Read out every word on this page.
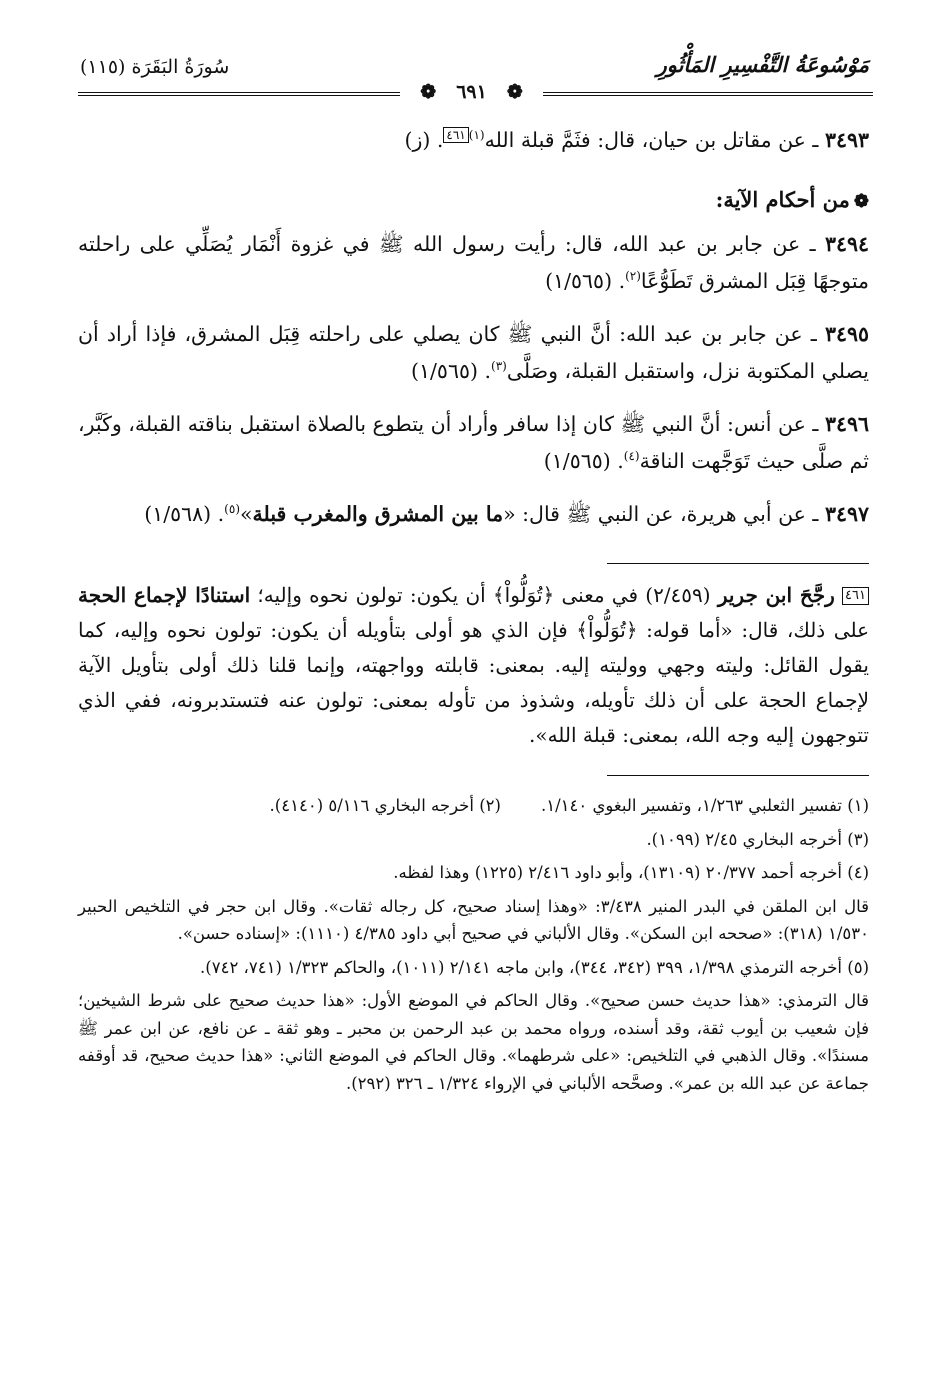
مَوْسُوعَةُ التَّفْسِيرِ المَأْثُورِ
سُورَةُ البَقَرَة (١١٥)
❁٦٩١❁

٣٤٩٣ ـ عن مقاتل بن حيان، قال: فثَمَّ قبلة الله$^{(١)}$٤٦١. (ز)

❁من أحكام الآية:

٣٤٩٤ ـ عن جابر بن عبد الله، قال: رأيت رسول الله ﷺ في غزوة أَنْمَار يُصَلِّي على راحلته متوجهًا قِبَل المشرق تَطَوُّعًا$^{(٢)}$. (١/٥٦٥)

٣٤٩٥ ـ عن جابر بن عبد الله: أنَّ النبي ﷺ كان يصلي على راحلته قِبَل المشرق، فإذا أراد أن يصلي المكتوبة نزل، واستقبل القبلة، وصَلَّى$^{(٣)}$. (١/٥٦٥)

٣٤٩٦ ـ عن أنس: أنَّ النبي ﷺ كان إذا سافر وأراد أن يتطوع بالصلاة استقبل بناقته القبلة، وكَبَّر، ثم صلَّى حيث تَوَجَّهت الناقة$^{(٤)}$. (١/٥٦٥)

٣٤٩٧ ـ عن أبي هريرة، عن النبي ﷺ قال: «ما بين المشرق والمغرب قبلة»$^{(٥)}$. (١/٥٦٨)

٤٦١ رجَّحَ ابن جرير (٢/٤٥٩) في معنى ﴿تُوَلُّواْ﴾ أن يكون: تولون نحوه وإليه؛ استنادًا لإجماع الحجة على ذلك، قال: «أما قوله: ﴿تُوَلُّواْ﴾ فإن الذي هو أولى بتأويله أن يكون: تولون نحوه وإليه، كما يقول القائل: وليته وجهي ووليته إليه. بمعنى: قابلته وواجهته، وإنما قلنا ذلك أولى بتأويل الآية لإجماع الحجة على أن ذلك تأويله، وشذوذ من تأوله بمعنى: تولون عنه فتستدبرونه، ففي الذي تتوجهون إليه وجه الله، بمعنى: قبلة الله».

(١) تفسير الثعلبي ١/٢٦٣، وتفسير البغوي ١/١٤٠.
(٢) أخرجه البخاري ٥/١١٦ (٤١٤٠).

(٣) أخرجه البخاري ٢/٤٥ (١٠٩٩).

(٤) أخرجه أحمد ٢٠/٣٧٧ (١٣١٠٩)، وأبو داود ٢/٤١٦ (١٢٢٥) وهذا لفظه.

قال ابن الملقن في البدر المنير ٣/٤٣٨: «وهذا إسناد صحيح، كل رجاله ثقات». وقال ابن حجر في التلخيص الحبير ١/٥٣٠ (٣١٨): «صححه ابن السكن». وقال الألباني في صحيح أبي داود ٤/٣٨٥ (١١١٠): «إسناده حسن».

(٥) أخرجه الترمذي ١/٣٩٨، ٣٩٩ (٣٤٢، ٣٤٤)، وابن ماجه ٢/١٤١ (١٠١١)، والحاكم ١/٣٢٣ (٧٤١، ٧٤٢).

قال الترمذي: «هذا حديث حسن صحيح». وقال الحاكم في الموضع الأول: «هذا حديث صحيح على شرط الشيخين؛ فإن شعيب بن أيوب ثقة، وقد أسنده، ورواه محمد بن عبد الرحمن بن محبر ـ وهو ثقة ـ عن نافع، عن ابن عمر ﷺ مسندًا». وقال الذهبي في التلخيص: «على شرطهما». وقال الحاكم في الموضع الثاني: «هذا حديث صحيح، قد أوقفه جماعة عن عبد الله بن عمر». وصحَّحه الألباني في الإرواء ١/٣٢٤ ـ ٣٢٦ (٢٩٢).
